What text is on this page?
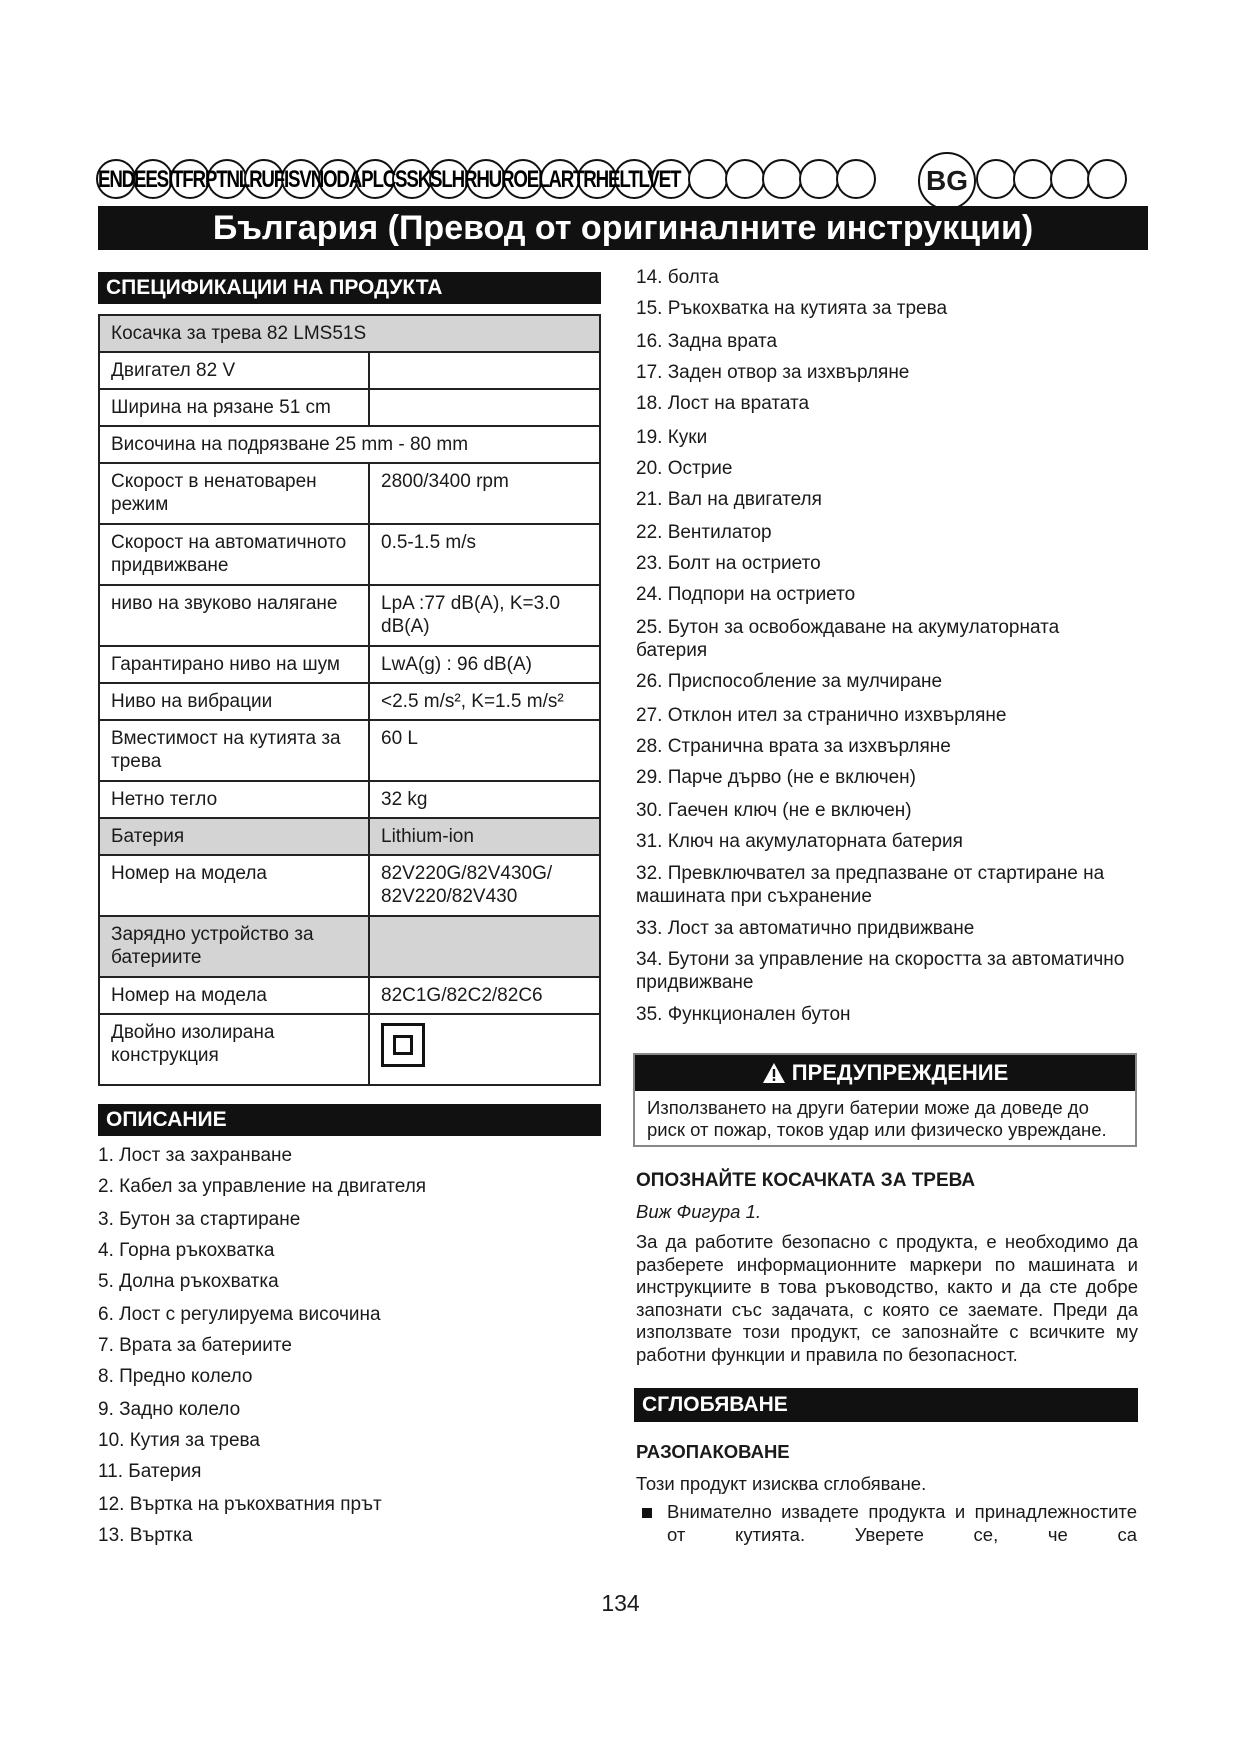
ENDEESITFRPTNLRUFISVNODAPLCSSKSLHRHUROELARTRHELTLVET	BG
България (Превод от оригиналните инструкции)
СПЕЦИФИКАЦИИ НА ПРОДУКТА
Косачка за трева 82 LMS51S	
Двигател 82 V	
Ширина на рязане 51 cm	
Височина на подрязване 25 mm - 80 mm	
Скорост в ненатоварен режим	2800/3400 rpm
Скорост на автоматичното придвижване	0.5-1.5 m/s
ниво на звуково налягане	LpA :77 dB(A), K=3.0 dB(A)
Гарантирано ниво на шум	LwA(g) : 96 dB(A)
Ниво на вибрации	<2.5 m/s², K=1.5 m/s²
Вместимост на кутията за трева	60 L
Нетно тегло	32 kg
Батерия	Lithium-ion
Номер на модела	82V220G/82V430G/ 82V220/82V430
Зарядно устройство за батериите	
Номер на модела	82C1G/82C2/82C6
Двойно изолирана конструкция	
ОПИСАНИЕ
1. Лост за захранване
2. Кабел за управление на двигателя
3. Бутон за стартиране
4. Горна ръкохватка
5. Долна ръкохватка
6. Лост с регулируема височина
7. Врата за батериите
8. Предно колело
9. Задно колело
10. Кутия за трева
11. Батерия
12. Въртка на ръкохватния прът
13. Въртка
14. болта
15. Ръкохватка на кутията за трева
16. Задна врата
17. Заден отвор за изхвърляне
18. Лост на вратата
19. Куки
20. Острие
21. Вал на двигателя
22. Вентилатор
23. Болт на острието
24. Подпори на острието
25. Бутон за освобождаване на акумулаторната батерия
26. Приспособление за мулчиране
27. Отклон ител за странично изхвърляне
28. Странична врата за изхвърляне
29. Парче дърво (не е включен)
30. Гаечен ключ (не е включен)
31. Ключ на акумулаторната батерия
32. Превключвател за предпазване от стартиране на машината при съхранение
33. Лост за автоматично придвижване
34. Бутони за управление на скоростта за автоматично придвижване
35. Функционален бутон
ПРЕДУПРЕЖДЕНИЕ
Използването на други батерии може да доведе до риск от пожар, токов удар или физическо увреждане.
ОПОЗНАЙТЕ КОСАЧКАТА ЗА ТРЕВА
Виж Фигура 1.
За да работите безопасно с продукта, е необходимо да разберете информационните маркери по машината и инструкциите в това ръководство, както и да сте добре запознати със задачата, с която се заемате. Преди да използвате този продукт, се запознайте с всичките му работни функции и правила по безопасност.
СГЛОБЯВАНЕ
РАЗОПАКОВАНЕ
Този продукт изисква сглобяване.
Внимателно извадете продукта и принадлежностите от кутията. Уверете се, че са
134
